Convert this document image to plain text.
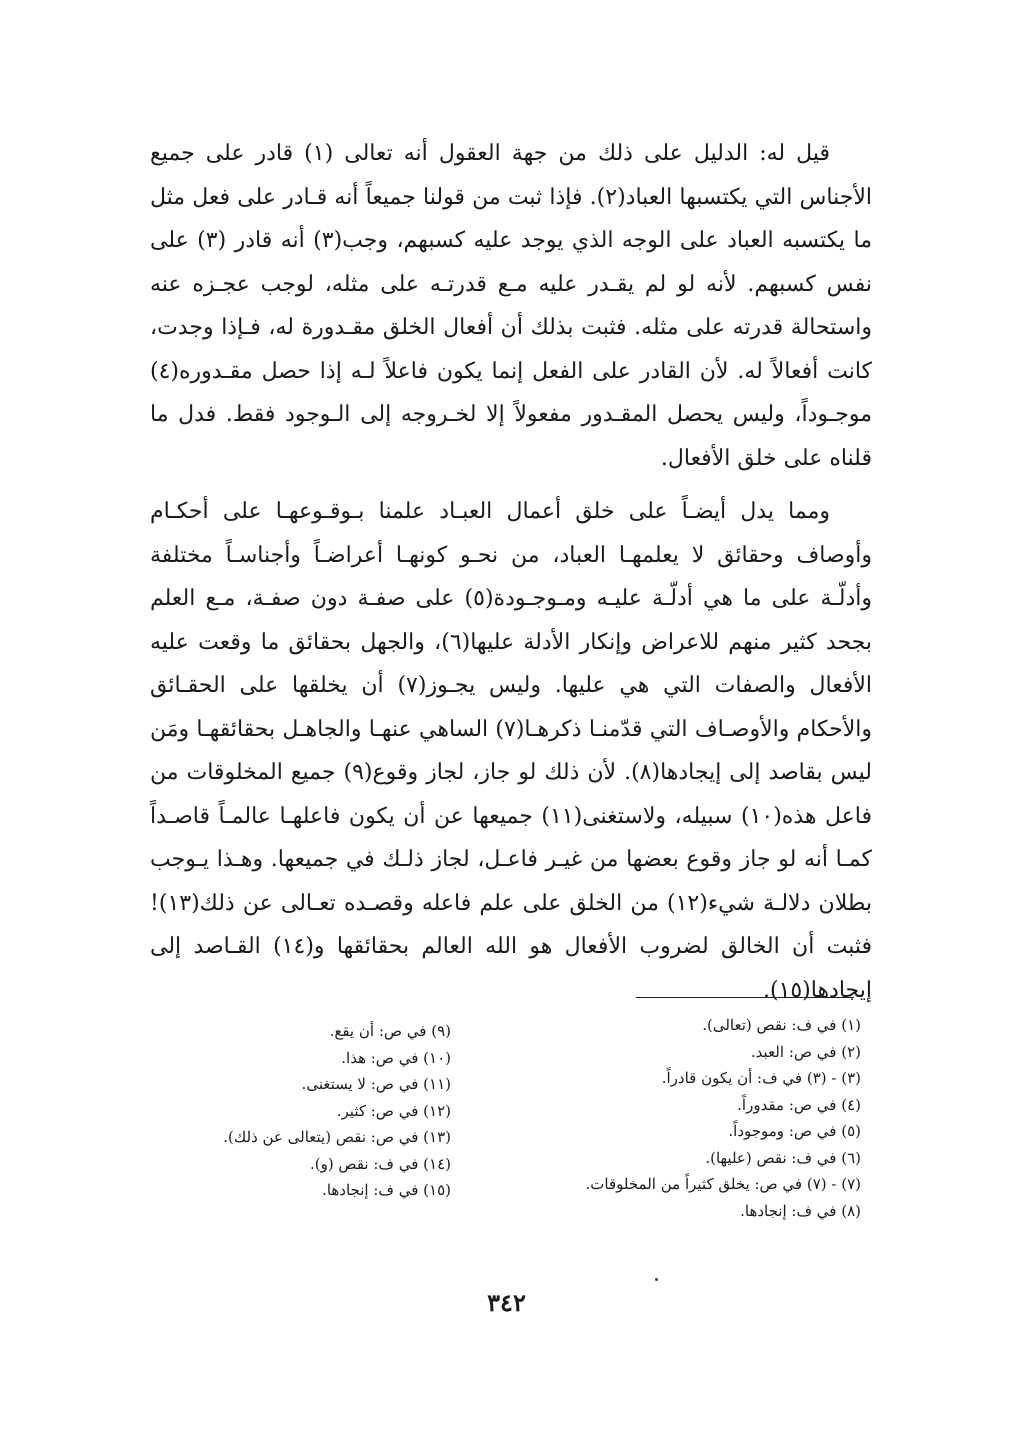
قيل له: الدليل على ذلك من جهة العقول أنه تعالى (١) قادر على جميع الأجناس التي يكتسبها العباد(٢). فإذا ثبت من قولنا جميعاً أنه قـادر على فعل مثل ما يكتسبه العباد على الوجه الذي يوجد عليه كسبهم، وجب(٣) أنه قادر (٣) على نفس كسبهم. لأنه لو لم يقـدر عليه مـع قدرتـه على مثله، لوجب عجـزه عنه واستحالة قدرته على مثله. فثبت بذلك أن أفعال الخلق مقـدورة له، فـإذا وجدت، كانت أفعالاً له. لأن القادر على الفعل إنما يكون فاعلاً لـه إذا حصل مقـدوره(٤) موجـوداً، وليس يحصل المقـدور مفعولاً إلا لخـروجه إلى الـوجود فقط. فدل ما قلناه على خلق الأفعال.

ومما يدل أيضـاً على خلق أعمال العبـاد علمنا بـوقـوعهـا على أحكـام وأوصاف وحقائق لا يعلمهـا العباد، من نحـو كونهـا أعراضـاً وأجناسـاً مختلفة وأدلّـة على ما هي أدلّـة عليـه ومـوجـودة(٥) على صفـة دون صفـة، مـع العلم بجحد كثير منهم للاعراض وإنكار الأدلة عليها(٦)، والجهل بحقائق ما وقعت عليه الأفعال والصفات التي هي عليها. وليس يجـوز(٧) أن يخلقها على الحقـائق والأحكام والأوصـاف التي قدّمنـا ذكرهـا(٧) الساهي عنهـا والجاهـل بحقائقهـا ومَن ليس بقاصد إلى إيجادها(٨). لأن ذلك لو جاز، لجاز وقوع(٩) جميع المخلوقات من فاعل هذه(١٠) سبيله، ولاستغنى(١١) جميعها عن أن يكون فاعلهـا عالمـاً قاصـداً كمـا أنه لو جاز وقوع بعضها من غيـر فاعـل، لجاز ذلـك في جميعها. وهـذا يـوجب بطلان دلالـة شيء(١٢) من الخلق على علم فاعله وقصـده تعـالى عن ذلك(١٣)! فثبت أن الخالق لضروب الأفعال هو الله العالم بحقائقها و(١٤) القـاصد إلى إيجادها(١٥).

(١) في ف: نقص (تعالى).
(٢) في ص: العبد.
(٣) - (٣) في ف: أن يكون قادراً.
(٤) في ص: مقدوراً.
(٥) في ص: وموجوداً.
(٦) في ف: نقص (عليها).
(٧) - (٧) في ص: يخلق كثيراً من المخلوقات.
(٨) في ف: إنجادها.
(٩) في ص: أن يقع.
(١٠) في ص: هذا.
(١١) في ص: لا يستغنى.
(١٢) في ص: كثير.
(١٣) في ص: نقص (يتعالى عن ذلك).
(١٤) في ف: نقص (و).
(١٥) في ف: إنجادها.
٣٤٢
